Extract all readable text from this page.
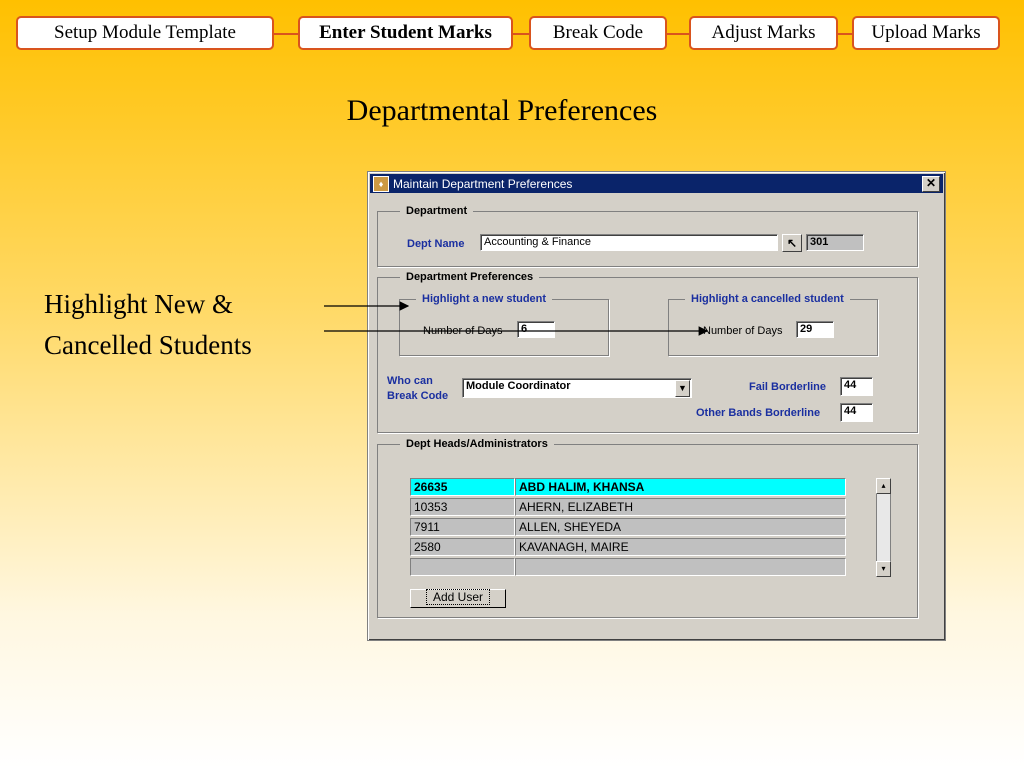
Setup Module Template	Enter Student Marks	Break Code	Adjust Marks	Upload Marks
Departmental Preferences
Highlight New &
Cancelled Students
♦ Maintain Department Preferences	✕
Department
Dept Name	Accounting & Finance	↖	301
Department Preferences
Highlight a new student
Number of Days	6
Highlight a cancelled student
Number of Days	29
Who can
Break Code
Module Coordinator	▼	Fail Borderline	44
Other Bands Borderline	44
Dept Heads/Administrators
26635	ABD HALIM, KHANSA
10353	AHERN, ELIZABETH
7911	ALLEN, SHEYEDA
2580	KAVANAGH, MAIRE
▴
▾
Add User
